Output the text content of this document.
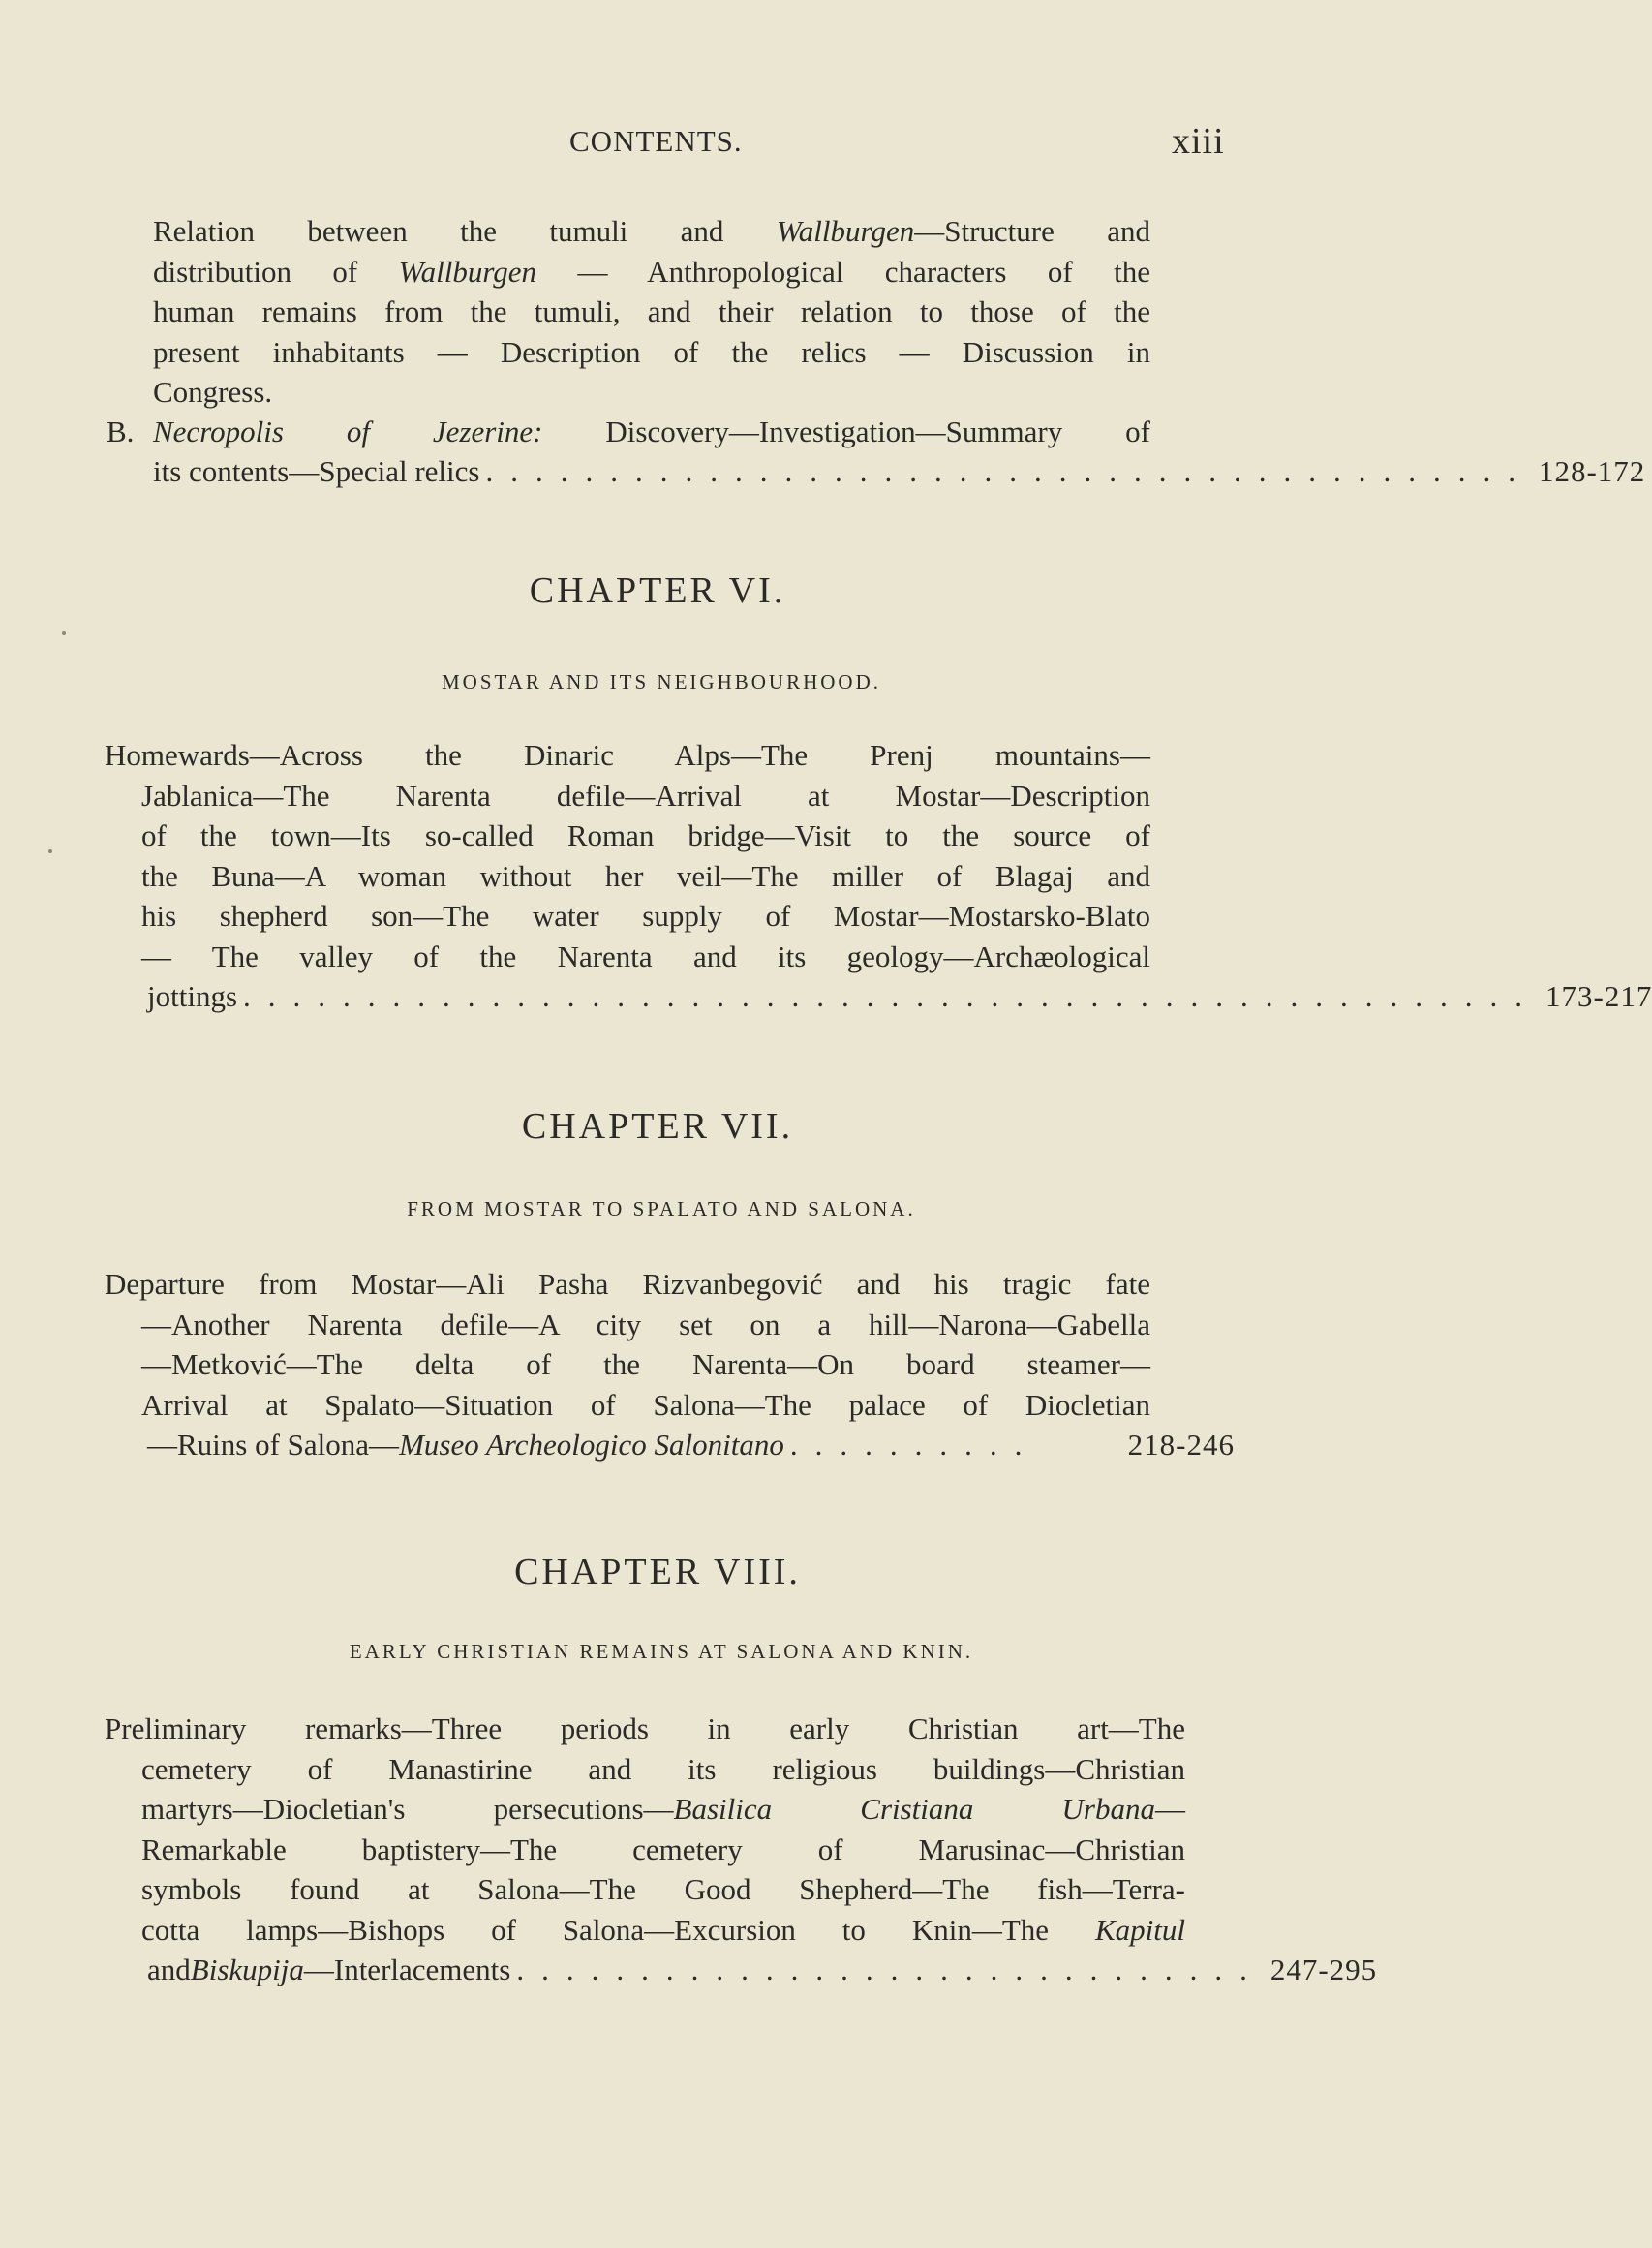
CONTENTS.	xiii
Relation between the tumuli and Wallburgen—Structure and
distribution of Wallburgen — Anthropological characters of the
human remains from the tumuli, and their relation to those of the
present inhabitants — Description of the relics — Discussion in
Congress.
B. Necropolis of Jezerine: Discovery—Investigation—Summary of
its contents—Special relics .......................................... 128-172
CHAPTER VI.
MOSTAR AND ITS NEIGHBOURHOOD.
Homewards—Across the Dinaric Alps—The Prenj mountains—
Jablanica—The Narenta defile—Arrival at Mostar—Description
of the town—Its so-called Roman bridge—Visit to the source of
the Buna—A woman without her veil—The miller of Blagaj and
his shepherd son—The water supply of Mostar—Mostarsko-Blato
— The valley of the Narenta and its geology—Archæological
jottings .................................................... 173-217
CHAPTER VII.
FROM MOSTAR TO SPALATO AND SALONA.
Departure from Mostar—Ali Pasha Rizvanbegović and his tragic fate
—Another Narenta defile—A city set on a hill—Narona—Gabella
—Metković—The delta of the Narenta—On board steamer—
Arrival at Spalato—Situation of Salona—The palace of Diocletian
—Ruins of Salona— Museo Archeologico Salonitano ..........	218-246
CHAPTER VIII.
EARLY CHRISTIAN REMAINS AT SALONA AND KNIN.
Preliminary remarks—Three periods in early Christian art—The
cemetery of Manastirine and its religious buildings—Christian
martyrs—Diocletian's persecutions—Basilica Cristiana Urbana—
Remarkable baptistery—The cemetery of Marusinac—Christian
symbols found at Salona—The Good Shepherd—The fish—Terra-
cotta lamps—Bishops of Salona—Excursion to Knin—The Kapitul
and Biskupija —Interlacements .............................. 247-295
